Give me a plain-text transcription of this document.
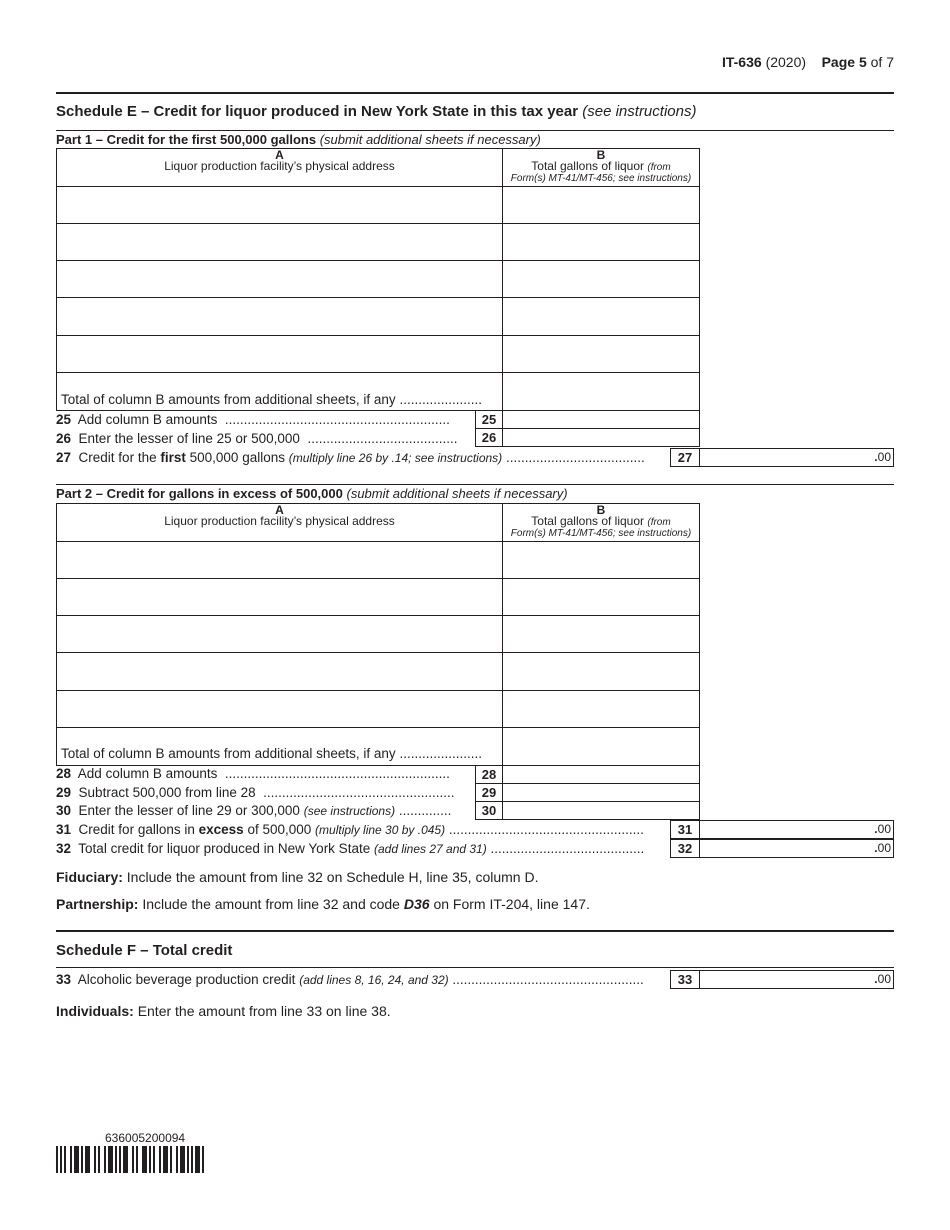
IT-636 (2020) Page 5 of 7
Schedule E – Credit for liquor produced in New York State in this tax year (see instructions)
Part 1 – Credit for the first 500,000 gallons (submit additional sheets if necessary)
A
Liquor production facility’s physical address
B
Total gallons of liquor (from
Form(s) MT-41/MT-456; see instructions)
Total of column B amounts from additional sheets, if any ......................
25 Add column B amounts ............................................................	25
26 Enter the lesser of line 25 or 500,000 ........................................	26
27 Credit for the first 500,000 gallons (multiply line 26 by .14; see instructions) .....................................	27	.00
Part 2 – Credit for gallons in excess of 500,000 (submit additional sheets if necessary)
A
Liquor production facility’s physical address
B
Total gallons of liquor (from
Form(s) MT-41/MT-456; see instructions)
Total of column B amounts from additional sheets, if any ......................
28 Add column B amounts ............................................................	28
29 Subtract 500,000 from line 28 ...................................................	29
30 Enter the lesser of line 29 or 300,000 (see instructions) ..............	30
31 Credit for gallons in excess of 500,000 (multiply line 30 by .045) ....................................................	31	.00
32 Total credit for liquor produced in New York State (add lines 27 and 31) .........................................	32	.00
Fiduciary: Include the amount from line 32 on Schedule H, line 35, column D.
Partnership: Include the amount from line 32 and code D36 on Form IT-204, line 147.
Schedule F – Total credit
33 Alcoholic beverage production credit (add lines 8, 16, 24, and 32) ...................................................	33	.00
Individuals: Enter the amount from line 33 on line 38.
636005200094
